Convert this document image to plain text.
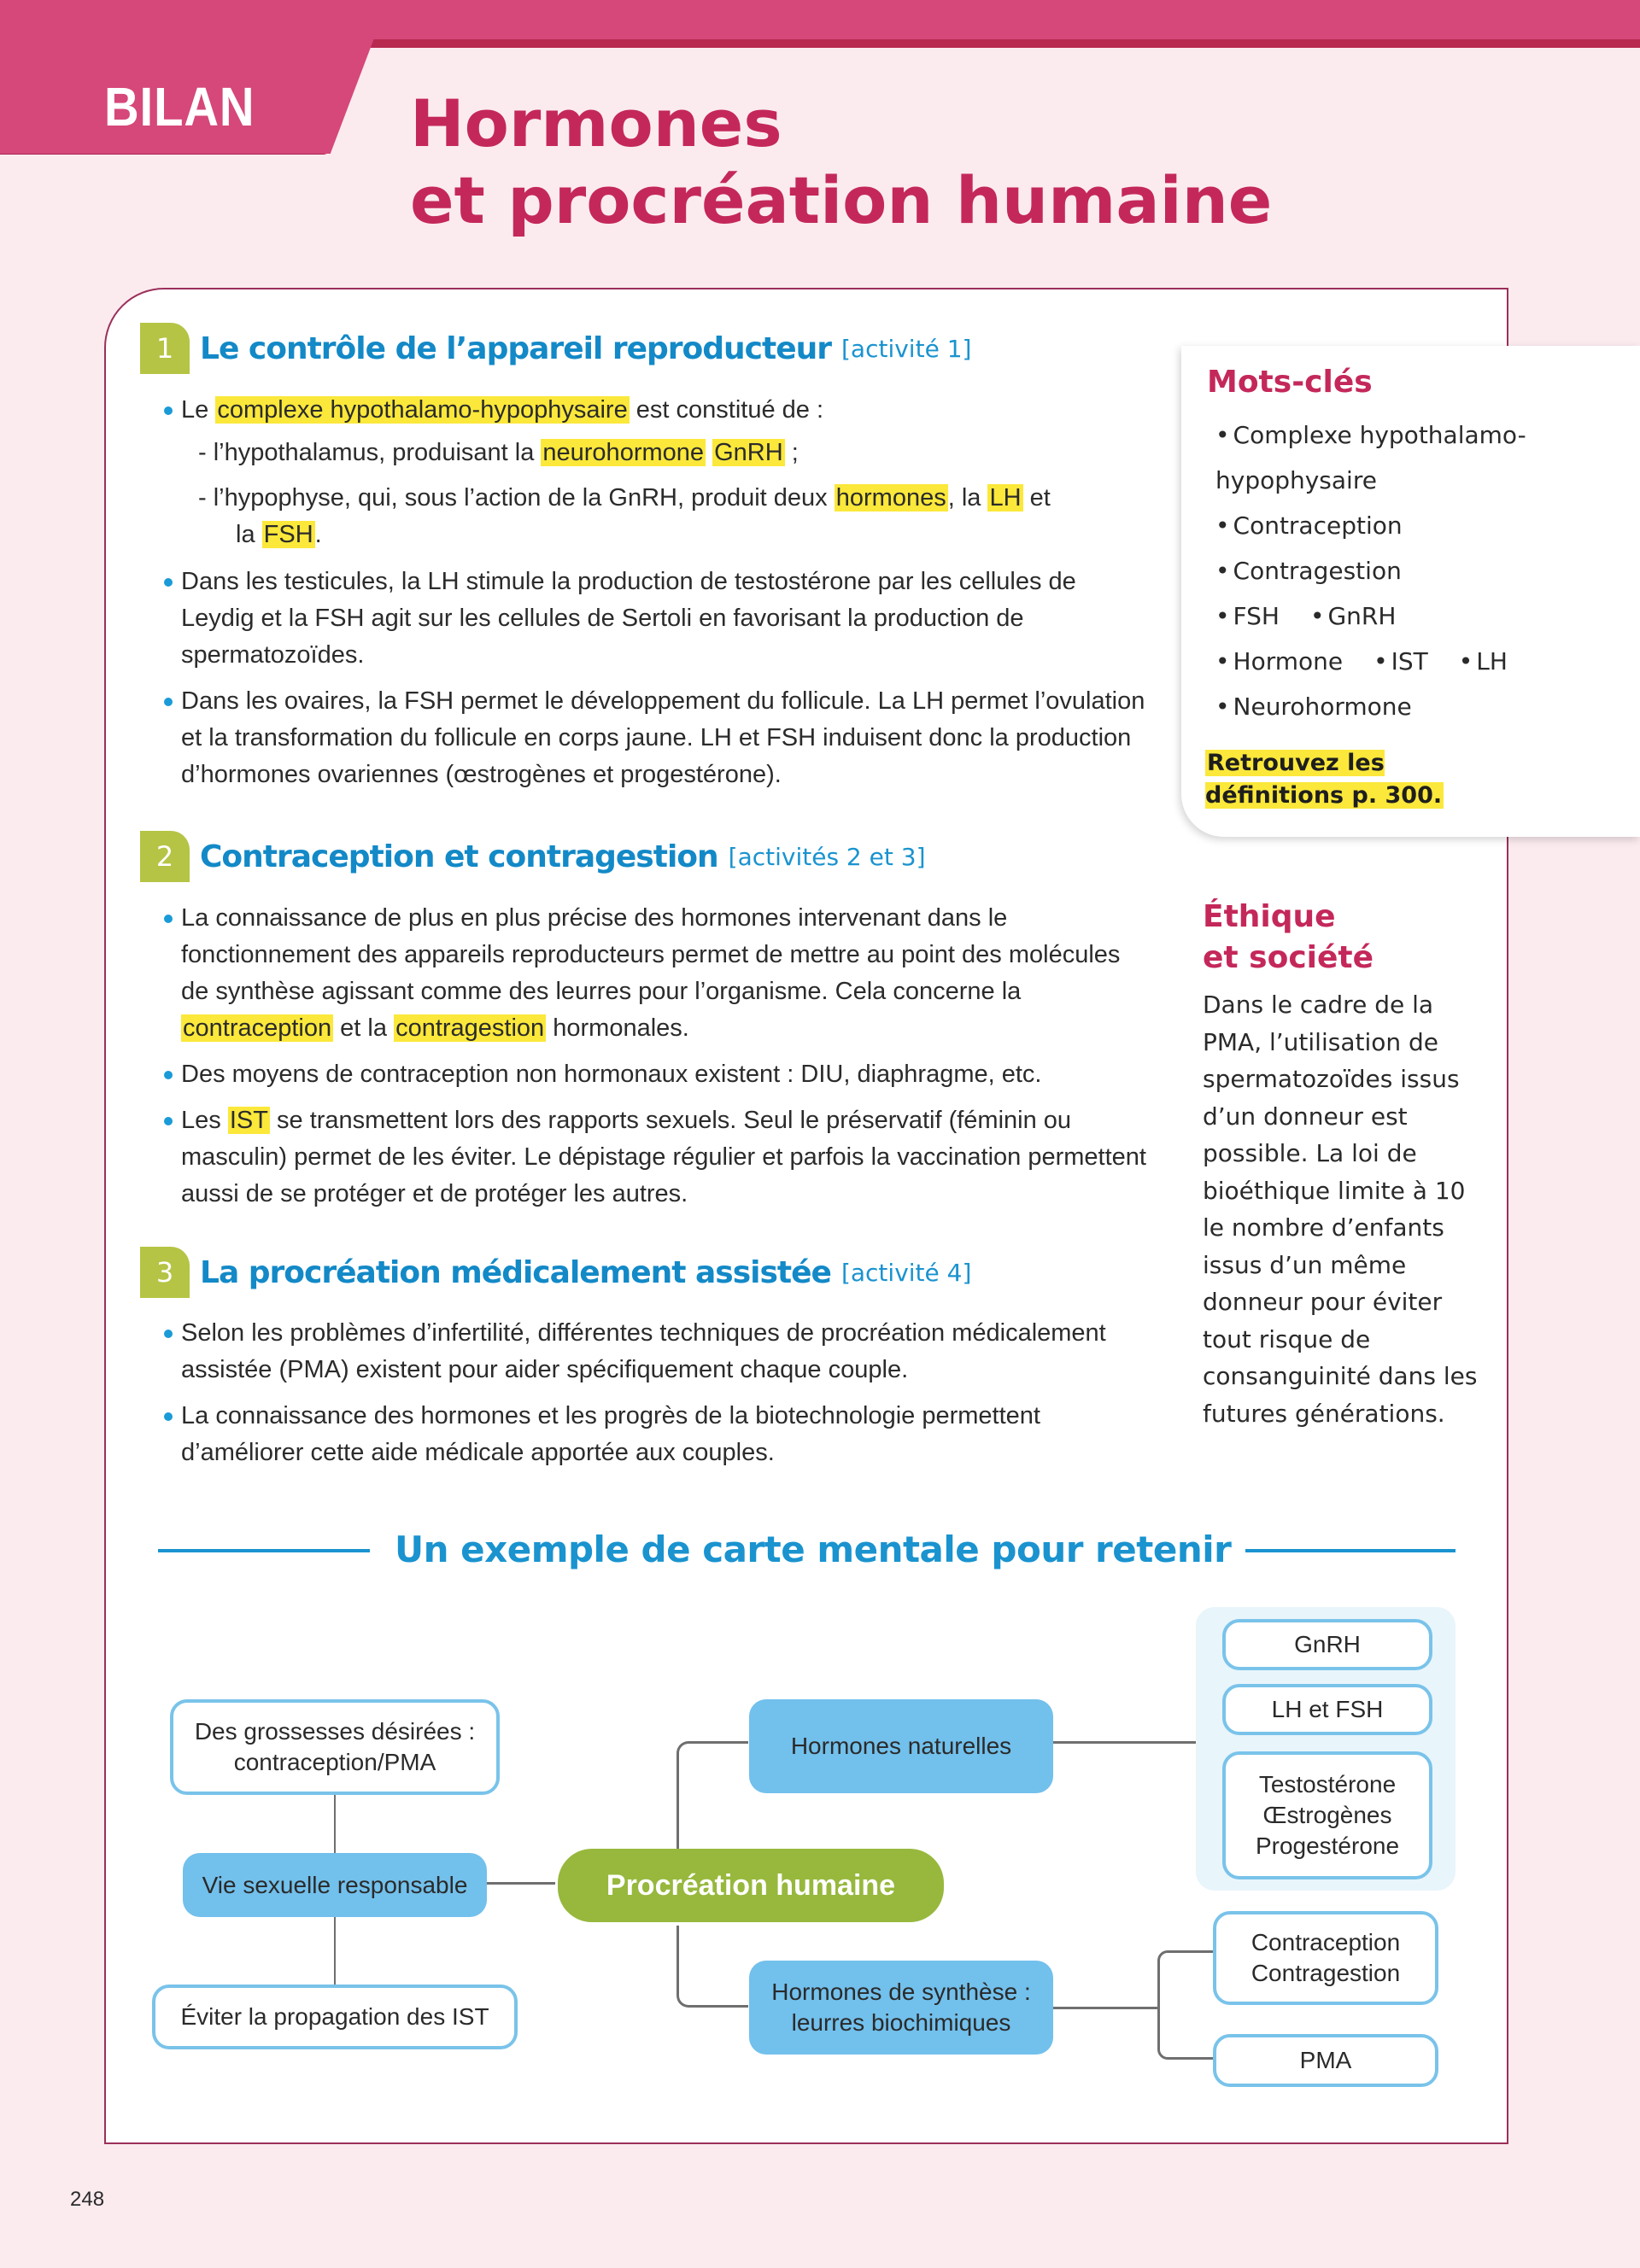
BILAN Hormones
et procréation humaine
1 Le contrôle de l’appareil reproducteur [activité 1]
Le complexe hypothalamo-hypophysaire est constitué de :
- l’hypothalamus, produisant la neurohormone GnRH ;
- l’hypophyse, qui, sous l’action de la GnRH, produit deux hormones, la LH et
la FSH.
Dans les testicules, la LH stimule la production de testostérone par les cellules de Leydig et la FSH agit sur les cellules de Sertoli en favorisant la production de spermatozoïdes.
Dans les ovaires, la FSH permet le développement du follicule. La LH permet l’ovulation et la transformation du follicule en corps jaune. LH et FSH induisent donc la production d’hormones ovariennes (œstrogènes et progestérone).
2 Contraception et contragestion [activités 2 et 3]
La connaissance de plus en plus précise des hormones intervenant dans le fonctionnement des appareils reproducteurs permet de mettre au point des molécules de synthèse agissant comme des leurres pour l’organisme. Cela concerne la contraception et la contragestion hormonales.
Des moyens de contraception non hormonaux existent : DIU, diaphragme, etc.
Les IST se transmettent lors des rapports sexuels. Seul le préservatif (féminin ou masculin) permet de les éviter. Le dépistage régulier et parfois la vaccination permettent aussi de se protéger et de protéger les autres.
3 La procréation médicalement assistée [activité 4]
Selon les problèmes d’infertilité, différentes techniques de procréation médicalement assistée (PMA) existent pour aider spécifiquement chaque couple.
La connaissance des hormones et les progrès de la biotechnologie permettent d’améliorer cette aide médicale apportée aux couples.
Mots-clés
• Complexe hypothalamo-
hypophysaire
• Contraception
• Contragestion
• FSH	• GnRH
• Hormone	• IST	• LH
• Neurohormone
Retrouvez les définitions p. 300.
Éthique
et société
Dans le cadre de la PMA, l’utilisation de spermatozoïdes issus d’un donneur est possible. La loi de bioéthique limite à 10 le nombre d’enfants issus d’un même donneur pour éviter tout risque de consanguinité dans les futures générations.
Un exemple de carte mentale pour retenir
Des grossesses désirées : contraception/PMA
Vie sexuelle responsable
Éviter la propagation des IST
Procréation humaine
Hormones naturelles
Hormones de synthèse : leurres biochimiques
GnRH
LH et FSH
Testostérone Œstrogènes Progestérone
Contraception Contragestion
PMA
248
